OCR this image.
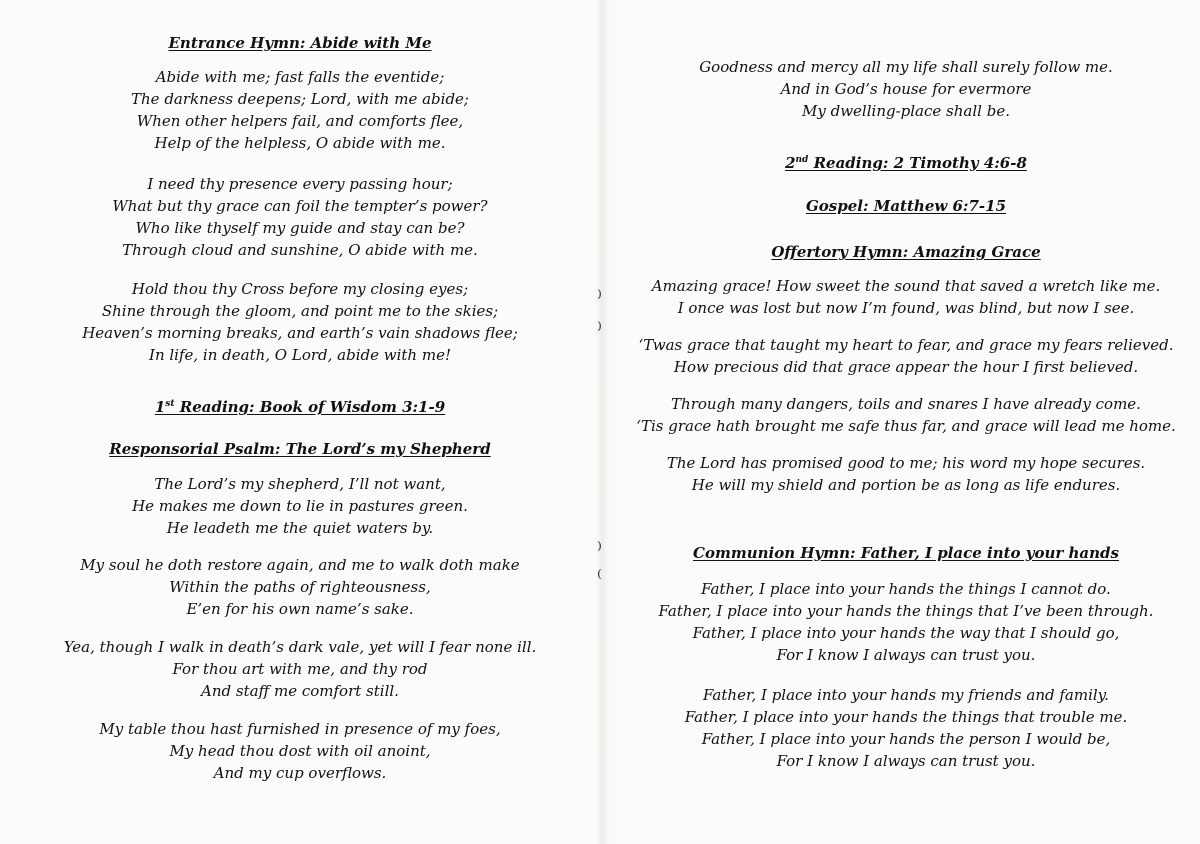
Entrance Hymn: Abide with Me
Abide with me; fast falls the eventide;
The darkness deepens; Lord, with me abide;
When other helpers fail, and comforts flee,
Help of the helpless, O abide with me.
I need thy presence every passing hour;
What but thy grace can foil the tempter’s power?
Who like thyself my guide and stay can be?
Through cloud and sunshine, O abide with me.
Hold thou thy Cross before my closing eyes;
Shine through the gloom, and point me to the skies;
Heaven’s morning breaks, and earth’s vain shadows flee;
In life, in death, O Lord, abide with me!
1st Reading: Book of Wisdom 3:1-9
Responsorial Psalm: The Lord’s my Shepherd
The Lord’s my shepherd, I’ll not want,
He makes me down to lie in pastures green.
He leadeth me the quiet waters by.
My soul he doth restore again, and me to walk doth make
Within the paths of righteousness,
E’en for his own name’s sake.
Yea, though I walk in death’s dark vale, yet will I fear none ill.
For thou art with me, and thy rod
And staff me comfort still.
My table thou hast furnished in presence of my foes,
My head thou dost with oil anoint,
And my cup overflows.
⁾
⁾
⁾
⁽
Goodness and mercy all my life shall surely follow me.
And in God’s house for evermore
My dwelling-place shall be.
2nd Reading: 2 Timothy 4:6-8
Gospel: Matthew 6:7-15
Offertory Hymn: Amazing Grace
Amazing grace! How sweet the sound that saved a wretch like me.
I once was lost but now I’m found, was blind, but now I see.
‘Twas grace that taught my heart to fear, and grace my fears relieved.
How precious did that grace appear the hour I first believed.
Through many dangers, toils and snares I have already come.
‘Tis grace hath brought me safe thus far, and grace will lead me home.
The Lord has promised good to me; his word my hope secures.
He will my shield and portion be as long as life endures.
Communion Hymn: Father, I place into your hands
Father, I place into your hands the things I cannot do.
Father, I place into your hands the things that I’ve been through.
Father, I place into your hands the way that I should go,
For I know I always can trust you.
Father, I place into your hands my friends and family.
Father, I place into your hands the things that trouble me.
Father, I place into your hands the person I would be,
For I know I always can trust you.
